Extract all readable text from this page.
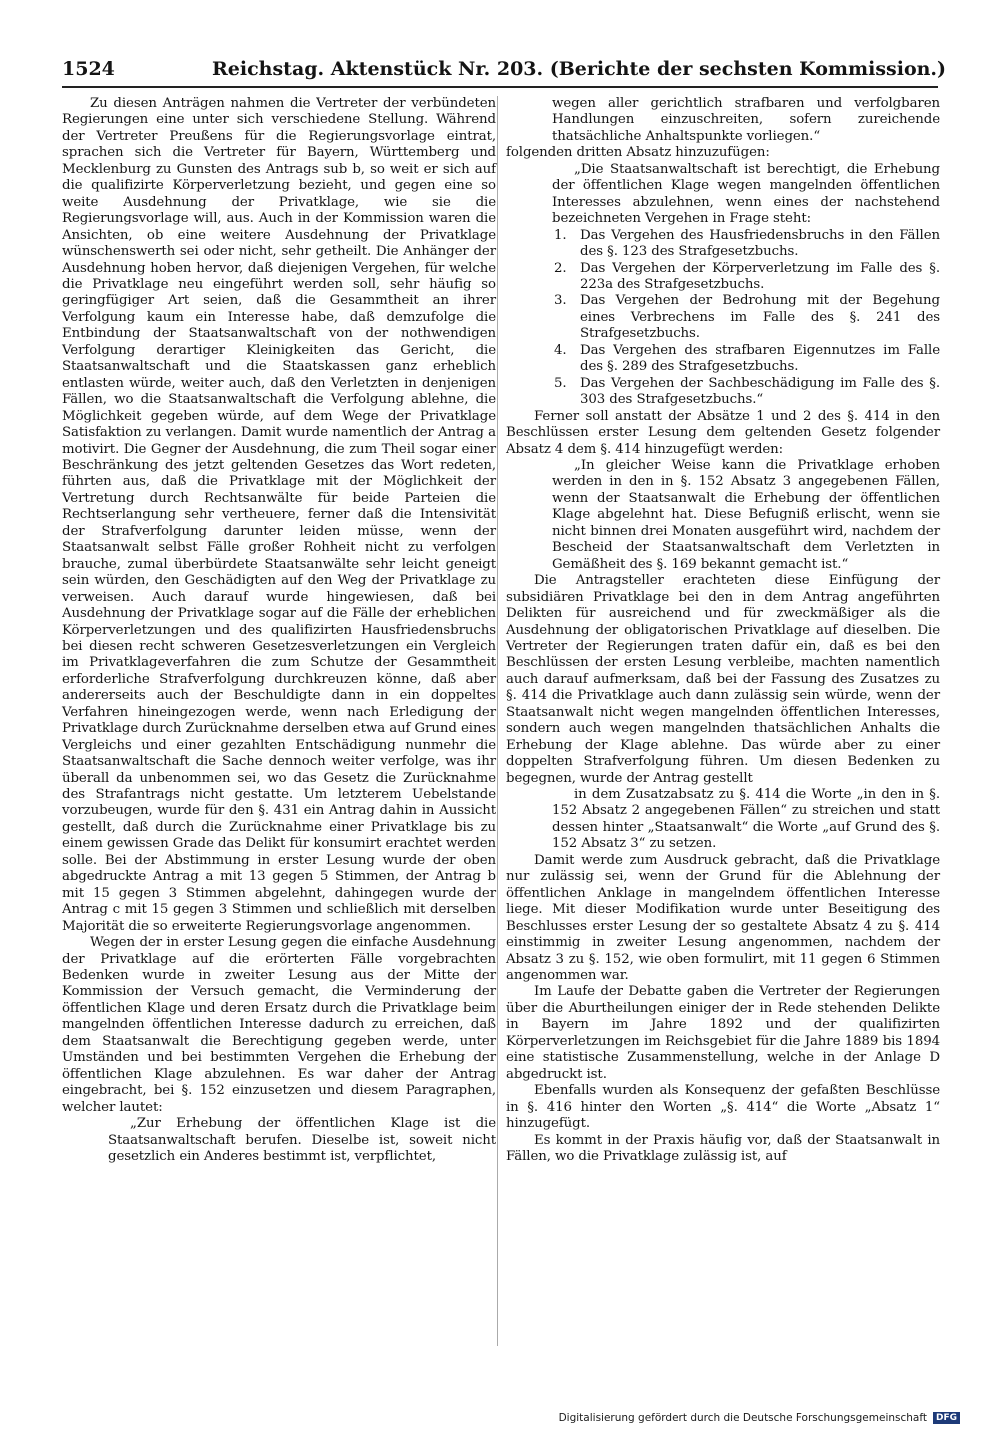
1524	Reichstag. Aktenstück Nr. 203. (Berichte der sechsten Kommission.)

Zu diesen Anträgen nahmen die Vertreter der verbündeten Regierungen eine unter sich verschiedene Stellung. Während der Vertreter Preußens für die Regierungsvorlage eintrat, sprachen sich die Vertreter für Bayern, Württemberg und Mecklenburg zu Gunsten des Antrags sub b, so weit er sich auf die qualifizirte Körperverletzung bezieht, und gegen eine so weite Ausdehnung der Privatklage, wie sie die Regierungsvorlage will, aus. Auch in der Kommission waren die Ansichten, ob eine weitere Ausdehnung der Privatklage wünschenswerth sei oder nicht, sehr getheilt. Die Anhänger der Ausdehnung hoben hervor, daß diejenigen Vergehen, für welche die Privatklage neu eingeführt werden soll, sehr häufig so geringfügiger Art seien, daß die Gesammtheit an ihrer Verfolgung kaum ein Interesse habe, daß demzufolge die Entbindung der Staatsanwaltschaft von der nothwendigen Verfolgung derartiger Kleinigkeiten das Gericht, die Staatsanwaltschaft und die Staatskassen ganz erheblich entlasten würde, weiter auch, daß den Verletzten in denjenigen Fällen, wo die Staatsanwaltschaft die Verfolgung ablehne, die Möglichkeit gegeben würde, auf dem Wege der Privatklage Satisfaktion zu verlangen. Damit wurde namentlich der Antrag a motivirt. Die Gegner der Ausdehnung, die zum Theil sogar einer Beschränkung des jetzt geltenden Gesetzes das Wort redeten, führten aus, daß die Privatklage mit der Möglichkeit der Vertretung durch Rechtsanwälte für beide Parteien die Rechtserlangung sehr vertheuere, ferner daß die Intensivität der Strafverfolgung darunter leiden müsse, wenn der Staatsanwalt selbst Fälle großer Rohheit nicht zu verfolgen brauche, zumal überbürdete Staatsanwälte sehr leicht geneigt sein würden, den Geschädigten auf den Weg der Privatklage zu verweisen. Auch darauf wurde hingewiesen, daß bei Ausdehnung der Privatklage sogar auf die Fälle der erheblichen Körperverletzungen und des qualifizirten Hausfriedensbruchs bei diesen recht schweren Gesetzesverletzungen ein Vergleich im Privatklageverfahren die zum Schutze der Gesammtheit erforderliche Strafverfolgung durchkreuzen könne, daß aber andererseits auch der Beschuldigte dann in ein doppeltes Verfahren hineingezogen werde, wenn nach Erledigung der Privatklage durch Zurücknahme derselben etwa auf Grund eines Vergleichs und einer gezahlten Entschädigung nunmehr die Staatsanwaltschaft die Sache dennoch weiter verfolge, was ihr überall da unbenommen sei, wo das Gesetz die Zurücknahme des Strafantrags nicht gestatte. Um letzterem Uebelstande vorzubeugen, wurde für den §. 431 ein Antrag dahin in Aussicht gestellt, daß durch die Zurücknahme einer Privatklage bis zu einem gewissen Grade das Delikt für konsumirt erachtet werden solle. Bei der Abstimmung in erster Lesung wurde der oben abgedruckte Antrag a mit 13 gegen 5 Stimmen, der Antrag b mit 15 gegen 3 Stimmen abgelehnt, dahingegen wurde der Antrag c mit 15 gegen 3 Stimmen und schließlich mit derselben Majorität die so erweiterte Regierungsvorlage angenommen.

Wegen der in erster Lesung gegen die einfache Ausdehnung der Privatklage auf die erörterten Fälle vorgebrachten Bedenken wurde in zweiter Lesung aus der Mitte der Kommission der Versuch gemacht, die Verminderung der öffentlichen Klage und deren Ersatz durch die Privatklage beim mangelnden öffentlichen Interesse dadurch zu erreichen, daß dem Staatsanwalt die Berechtigung gegeben werde, unter Umständen und bei bestimmten Vergehen die Erhebung der öffentlichen Klage abzulehnen. Es war daher der Antrag eingebracht, bei §. 152 einzusetzen und diesem Paragraphen, welcher lautet:

„Zur Erhebung der öffentlichen Klage ist die Staatsanwaltschaft berufen. Dieselbe ist, soweit nicht gesetzlich ein Anderes bestimmt ist, verpflichtet,

wegen aller gerichtlich strafbaren und verfolgbaren Handlungen einzuschreiten, sofern zureichende thatsächliche Anhaltspunkte vorliegen.“

folgenden dritten Absatz hinzuzufügen:

„Die Staatsanwaltschaft ist berechtigt, die Erhebung der öffentlichen Klage wegen mangelnden öffentlichen Interesses abzulehnen, wenn eines der nachstehend bezeichneten Vergehen in Frage steht:

1. Das Vergehen des Hausfriedensbruchs in den Fällen des §. 123 des Strafgesetzbuchs.
2. Das Vergehen der Körperverletzung im Falle des §. 223a des Strafgesetzbuchs.
3. Das Vergehen der Bedrohung mit der Begehung eines Verbrechens im Falle des §. 241 des Strafgesetzbuchs.
4. Das Vergehen des strafbaren Eigennutzes im Falle des §. 289 des Strafgesetzbuchs.
5. Das Vergehen der Sachbeschädigung im Falle des §. 303 des Strafgesetzbuchs.“

Ferner soll anstatt der Absätze 1 und 2 des §. 414 in den Beschlüssen erster Lesung dem geltenden Gesetz folgender Absatz 4 dem §. 414 hinzugefügt werden:

„In gleicher Weise kann die Privatklage erhoben werden in den in §. 152 Absatz 3 angegebenen Fällen, wenn der Staatsanwalt die Erhebung der öffentlichen Klage abgelehnt hat. Diese Befugniß erlischt, wenn sie nicht binnen drei Monaten ausgeführt wird, nachdem der Bescheid der Staatsanwaltschaft dem Verletzten in Gemäßheit des §. 169 bekannt gemacht ist.“

Die Antragsteller erachteten diese Einfügung der subsidiären Privatklage bei den in dem Antrag angeführten Delikten für ausreichend und für zweckmäßiger als die Ausdehnung der obligatorischen Privatklage auf dieselben. Die Vertreter der Regierungen traten dafür ein, daß es bei den Beschlüssen der ersten Lesung verbleibe, machten namentlich auch darauf aufmerksam, daß bei der Fassung des Zusatzes zu §. 414 die Privatklage auch dann zulässig sein würde, wenn der Staatsanwalt nicht wegen mangelnden öffentlichen Interesses, sondern auch wegen mangelnden thatsächlichen Anhalts die Erhebung der Klage ablehne. Das würde aber zu einer doppelten Strafverfolgung führen. Um diesen Bedenken zu begegnen, wurde der Antrag gestellt

in dem Zusatzabsatz zu §. 414 die Worte „in den in §. 152 Absatz 2 angegebenen Fällen“ zu streichen und statt dessen hinter „Staatsanwalt“ die Worte „auf Grund des §. 152 Absatz 3“ zu setzen.

Damit werde zum Ausdruck gebracht, daß die Privatklage nur zulässig sei, wenn der Grund für die Ablehnung der öffentlichen Anklage in mangelndem öffentlichen Interesse liege. Mit dieser Modifikation wurde unter Beseitigung des Beschlusses erster Lesung der so gestaltete Absatz 4 zu §. 414 einstimmig in zweiter Lesung angenommen, nachdem der Absatz 3 zu §. 152, wie oben formulirt, mit 11 gegen 6 Stimmen angenommen war.

Im Laufe der Debatte gaben die Vertreter der Regierungen über die Aburtheilungen einiger der in Rede stehenden Delikte in Bayern im Jahre 1892 und der qualifizirten Körperverletzungen im Reichsgebiet für die Jahre 1889 bis 1894 eine statistische Zusammenstellung, welche in der Anlage D abgedruckt ist.

Ebenfalls wurden als Konsequenz der gefaßten Beschlüsse in §. 416 hinter den Worten „§. 414“ die Worte „Absatz 1“ hinzugefügt.

Es kommt in der Praxis häufig vor, daß der Staatsanwalt in Fällen, wo die Privatklage zulässig ist, auf

Digitalisierung gefördert durch die Deutsche Forschungsgemeinschaft	DFG
